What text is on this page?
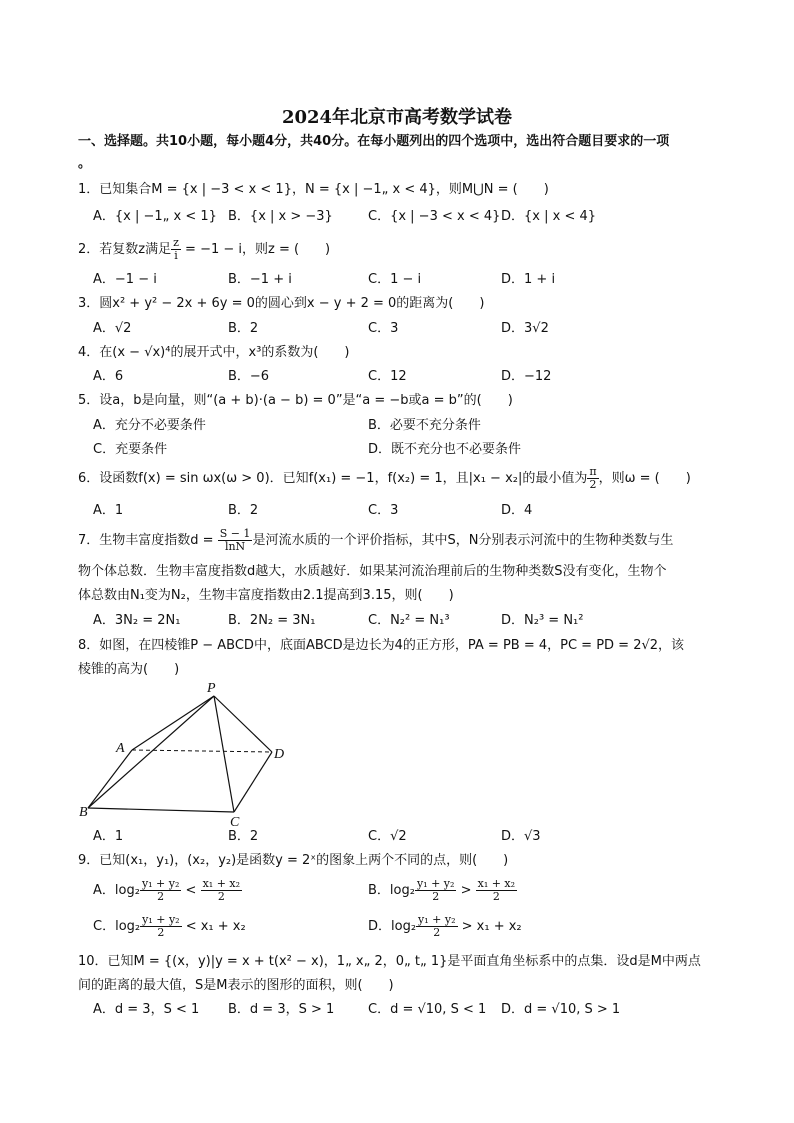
2024年北京市高考数学试卷
一、选择题。共10小题，每小题4分，共40分。在每小题列出的四个选项中，选出符合题目要求的一项
。
1．已知集合M = {x | −3 < x < 1}，N = {x | −1„ x < 4}，则M⋃N = (　　)
A．{x | −1„ x < 1} B．{x | x > −3}	C．{x | −3 < x < 4} D．{x | x < 4}
2．若复数z满足 $\frac{z}{i} = -1 - i$，则z = (　　)
A．−1 − i	B．−1 + i	C．1 − i	D．1 + i
3．圆x² + y² − 2x + 6y = 0的圆心到x − y + 2 = 0的距离为(　　)
A．√2	B．2	C．3	D．3√2
4．在(x − √x)⁴的展开式中，x³的系数为(　　)
A．6	B．−6	C．12	D．−12
5．设a，b是向量，则“(a + b)·(a − b) = 0”是“a = −b或a = b”的(　　)
A．充分不必要条件	B．必要不充分条件
C．充要条件	D．既不充分也不必要条件
6．设函数f(x) = sin ωx(ω > 0)．已知f(x₁) = −1，f(x₂) = 1，且|x₁ − x₂|的最小值为 $\frac{\pi}{2}$ ，则ω = (　　)
A．1	B．2	C．3	D．4
7．生物丰富度指数$d = \frac{S - 1}{\ln N}$ 是河流水质的一个评价指标，其中S，N分别表示河流中的生物种类数与生
物个体总数．生物丰富度指数d越大，水质越好．如果某河流治理前后的生物种类数S没有变化，生物个
体总数由N₁变为N₂，生物丰富度指数由2.1提高到3.15，则(　　)
A．3N₂ = 2N₁	B．2N₂ = 3N₁	C．N₂² = N₁³	D．N₂³ = N₁²
8．如图，在四棱锥P − ABCD中，底面ABCD是边长为4的正方形，PA = PB = 4，PC = PD = 2√2，该
棱锥的高为(　　)
P
A
B
C
D
A．1	B．2	C．√2	D．√3
9．已知(x₁，y₁)，(x₂，y₂)是函数y = 2ˣ的图象上两个不同的点，则(　　)
A．$\log_2 \frac{\text{y₁ + y₂}}{2} < \frac{\text{x₁ + x₂}}{2}$	B．$\log_2 \frac{\text{y₁ + y₂}}{2} > \frac{\text{x₁ + x₂}}{2}$
C．$\log_2 \frac{\text{y₁ + y₂}}{2} < x_1 + x_2$	D．$\log_2 \frac{\text{y₁ + y₂}}{2} > x_1 + x_2$
10．已知M = {(x，y)|y = x + t(x² − x)，1„ x„ 2，0„ t„ 1}是平面直角坐标系中的点集．设d是M中两点
间的距离的最大值，S是M表示的图形的面积，则(　　)
A．d = 3，S < 1 B．d = 3，S > 1	C．d = √10, S < 1 D．d = √10, S > 1
